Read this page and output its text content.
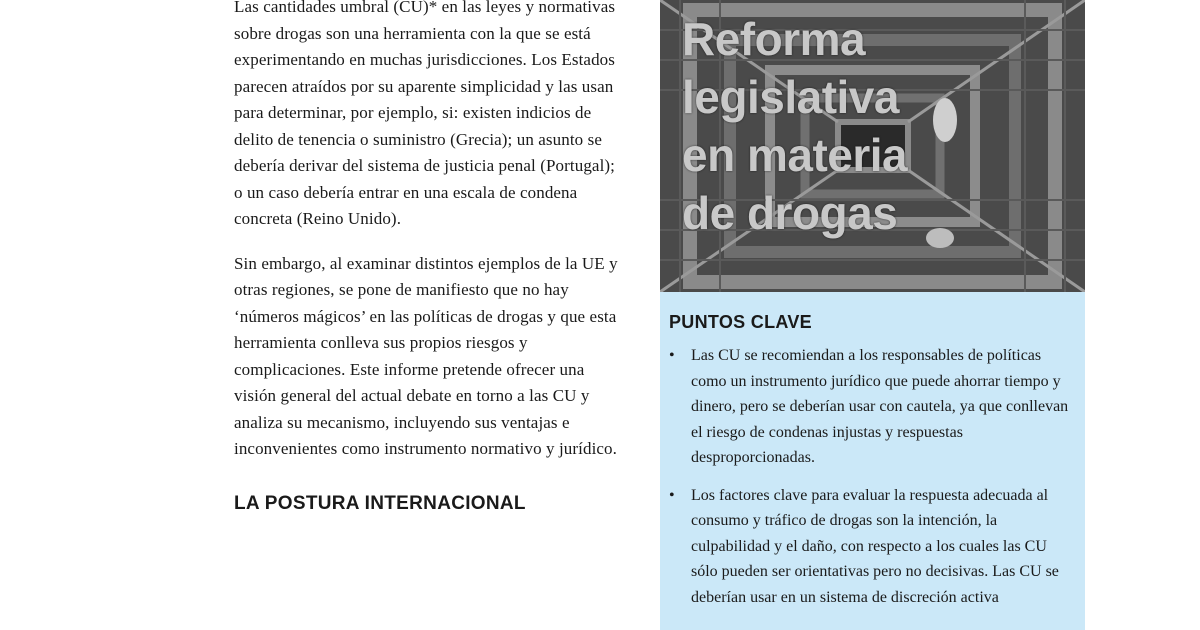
Las cantidades umbral (CU)* en las leyes y normativas sobre drogas son una herramienta con la que se está experimentando en muchas jurisdicciones. Los Estados parecen atraídos por su aparente simplicidad y las usan para determinar, por ejemplo, si: existen indicios de delito de tenencia o suministro (Grecia); un asunto se debería derivar del sistema de justicia penal (Portugal); o un caso debería entrar en una escala de condena concreta (Reino Unido).

Sin embargo, al examinar distintos ejemplos de la UE y otras regiones, se pone de manifiesto que no hay ‘números mágicos’ en las políticas de drogas y que esta herramienta conlleva sus propios riesgos y complicaciones. Este informe pretende ofrecer una visión general del actual debate en torno a las CU y analiza su mecanismo, incluyendo sus ventajas e inconvenientes como instrumento normativo y jurídico.

LA POSTURA INTERNACIONAL
Reforma
legislativa
en materia
de drogas
PUNTOS CLAVE
•	Las CU se recomiendan a los responsables de políticas como un instrumento jurídico que puede ahorrar tiempo y dinero, pero se deberían usar con cautela, ya que conllevan el riesgo de condenas injustas y respuestas desproporcionadas.
•	Los factores clave para evaluar la respuesta adecuada al consumo y tráfico de drogas son la intención, la culpabilidad y el daño, con respecto a los cuales las CU sólo pueden ser orientativas pero no decisivas. Las CU se deberían usar en un sistema de discreción activa
